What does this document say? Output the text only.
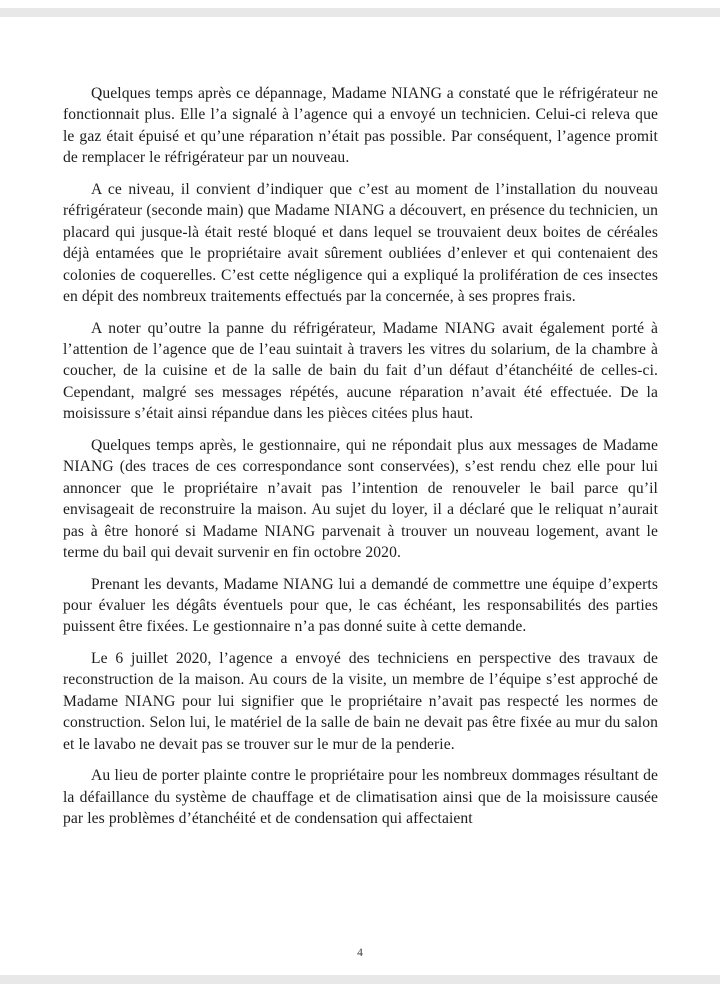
Quelques temps après ce dépannage, Madame NIANG a constaté que le réfrigérateur ne fonctionnait plus. Elle l’a signalé à l’agence qui a envoyé un technicien. Celui-ci releva que le gaz était épuisé et qu’une réparation n’était pas possible. Par conséquent, l’agence promit de remplacer le réfrigérateur par un nouveau.

A ce niveau, il convient d’indiquer que c’est au moment de l’installation du nouveau réfrigérateur (seconde main) que Madame NIANG a découvert, en présence du technicien, un placard qui jusque-là était resté bloqué et dans lequel se trouvaient deux boites de céréales déjà entamées que le propriétaire avait sûrement oubliées d’enlever et qui contenaient des colonies de coquerelles. C’est cette négligence qui a expliqué la prolifération de ces insectes en dépit des nombreux traitements effectués par la concernée, à ses propres frais.

A noter qu’outre la panne du réfrigérateur, Madame NIANG avait également porté à l’attention de l’agence que de l’eau suintait à travers les vitres du solarium, de la chambre à coucher, de la cuisine et de la salle de bain du fait d’un défaut d’étanchéité de celles-ci. Cependant, malgré ses messages répétés, aucune réparation n’avait été effectuée. De la moisissure s’était ainsi répandue dans les pièces citées plus haut.

Quelques temps après, le gestionnaire, qui ne répondait plus aux messages de Madame NIANG (des traces de ces correspondance sont conservées), s’est rendu chez elle pour lui annoncer que le propriétaire n’avait pas l’intention de renouveler le bail parce qu’il envisageait de reconstruire la maison. Au sujet du loyer, il a déclaré que le reliquat n’aurait pas à être honoré si Madame NIANG parvenait à trouver un nouveau logement, avant le terme du bail qui devait survenir en fin octobre 2020.

Prenant les devants, Madame NIANG lui a demandé de commettre une équipe d’experts pour évaluer les dégâts éventuels pour que, le cas échéant, les responsabilités des parties puissent être fixées. Le gestionnaire n’a pas donné suite à cette demande.

Le 6 juillet 2020, l’agence a envoyé des techniciens en perspective des travaux de reconstruction de la maison. Au cours de la visite, un membre de l’équipe s’est approché de Madame NIANG pour lui signifier que le propriétaire n’avait pas respecté les normes de construction. Selon lui, le matériel de la salle de bain ne devait pas être fixée au mur du salon et le lavabo ne devait pas se trouver sur le mur de la penderie.

Au lieu de porter plainte contre le propriétaire pour les nombreux dommages résultant de la défaillance du système de chauffage et de climatisation ainsi que de la moisissure causée par les problèmes d’étanchéité et de condensation qui affectaient

4
